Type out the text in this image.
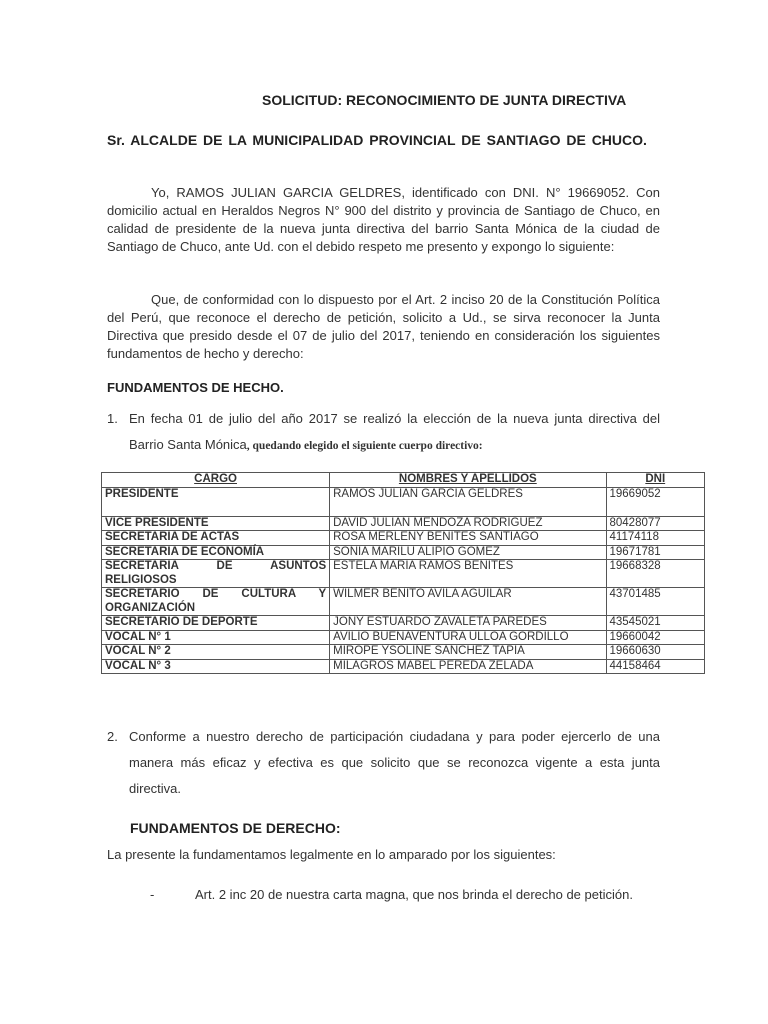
SOLICITUD: RECONOCIMIENTO DE JUNTA DIRECTIVA
Sr. ALCALDE DE LA MUNICIPALIDAD PROVINCIAL DE SANTIAGO DE CHUCO.
Yo, RAMOS JULIAN GARCIA GELDRES, identificado con DNI. N° 19669052. Con domicilio actual en Heraldos Negros N° 900 del distrito y provincia de Santiago de Chuco, en calidad de presidente de la nueva junta directiva del barrio Santa Mónica de la ciudad de Santiago de Chuco, ante Ud. con el debido respeto me presento y expongo lo siguiente:
Que, de conformidad con lo dispuesto por el Art. 2 inciso 20 de la Constitución Política del Perú, que reconoce el derecho de petición, solicito a Ud., se sirva reconocer la Junta Directiva que presido desde el 07 de julio del 2017, teniendo en consideración los siguientes fundamentos de hecho y derecho:
FUNDAMENTOS DE HECHO.
1. En fecha 01 de julio del año 2017 se realizó la elección de la nueva junta directiva del Barrio Santa Mónica, quedando elegido el siguiente cuerpo directivo:
CARGO	NOMBRES Y APELLIDOS	DNI
PRESIDENTE	RAMOS JULIAN GARCIA GELDRES	19669052
VICE PRESIDENTE	DAVID JULIAN MENDOZA RODRIGUEZ	80428077
SECRETARIA DE ACTAS	ROSA MERLENY BENITES SANTIAGO	41174118
SECRETARIA DE ECONOMÍA	SONIA MARILU ALIPIO GOMEZ	19671781
SECRETARIA DE ASUNTOS RELIGIOSOS	ESTELA MARIA RAMOS BENITES	19668328
SECRETARIO DE CULTURA Y ORGANIZACIÓN	WILMER BENITO AVILA AGUILAR	43701485
SECRETARIO DE DEPORTE	JONY ESTUARDO ZAVALETA PAREDES	43545021
VOCAL N° 1	AVILIO BUENAVENTURA ULLOA GORDILLO	19660042
VOCAL N° 2	MIROPE YSOLINE SANCHEZ TAPIA	19660630
VOCAL N° 3	MILAGROS MABEL PEREDA ZELADA	44158464
2. Conforme a nuestro derecho de participación ciudadana y para poder ejercerlo de una manera más eficaz y efectiva es que solicito que se reconozca vigente a esta junta directiva.
FUNDAMENTOS DE DERECHO:
La presente la fundamentamos legalmente en lo amparado por los siguientes:
-	Art. 2 inc 20 de nuestra carta magna, que nos brinda el derecho de petición.
